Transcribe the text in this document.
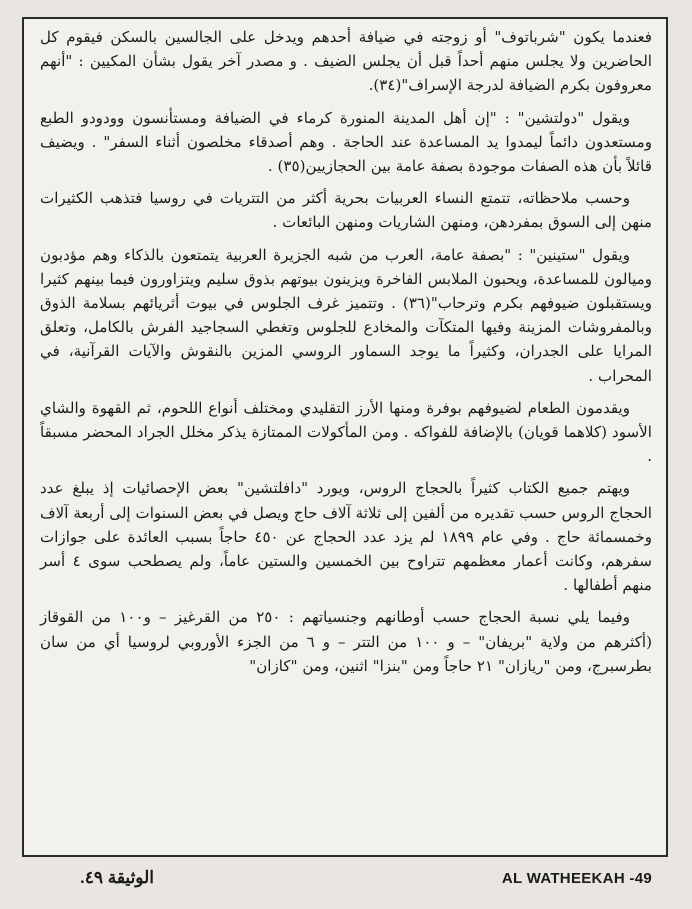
فعندما يكون "شرباتوف" أو زوجته في ضيافة أحدهم ويدخل على الجالسين بالسكن فيقوم كل الحاضرين ولا يجلس منهم أحداً قبل أن يجلس الضيف . و مصدر آخر يقول بشأن المكيين : "أنهم معروفون بكرم الضيافة لدرجة الإسراف"(٣٤).

ويقول "دولتشين" : "إن أهل المدينة المنورة كرماء في الضيافة ومستأنسون وودودو الطبع ومستعدون دائماً ليمدوا يد المساعدة عند الحاجة . وهم أصدقاء مخلصون أثناء السفر" . ويضيف قائلاً بأن هذه الصفات موجودة بصفة عامة بين الحجازيين(٣٥) .

وحسب ملاحظاته، تتمتع النساء العربيات بحرية أكثر من التتريات في روسيا فتذهب الكثيرات منهن إلى السوق بمفردهن، ومنهن الشاريات ومنهن البائعات .

ويقول "ستينين" : "بصفة عامة، العرب من شبه الجزيرة العربية يتمتعون بالذكاء وهم مؤدبون وميالون للمساعدة، ويحبون الملابس الفاخرة ويزينون بيوتهم بذوق سليم ويتزاورون فيما بينهم كثيرا ويستقبلون ضيوفهم بكرم وترحاب"(٣٦) . وتتميز غرف الجلوس في بيوت أثريائهم بسلامة الذوق وبالمفروشات المزينة وفيها المتكآت والمخادع للجلوس وتغطي السجاجيد الفرش بالكامل، وتعلق المرايا على الجدران، وكثيراً ما يوجد السماور الروسي المزين بالنقوش والآيات القرآنية، في المحراب .

ويقدمون الطعام لضيوفهم بوفرة ومنها الأرز التقليدي ومختلف أنواع اللحوم، ثم القهوة والشاي الأسود (كلاهما قويان) بالإضافة للفواكه . ومن المأكولات الممتازة يذكر مخلل الجراد المحضر مسبقاً .

ويهتم جميع الكتاب كثيراً بالحجاج الروس، ويورد "دافلتشين" بعض الإحصائيات إذ يبلغ عدد الحجاج الروس حسب تقديره من ألفين إلى ثلاثة آلاف حاج ويصل في بعض السنوات إلى أربعة آلاف وخمسمائة حاج . وفي عام ١٨٩٩ لم يزد عدد الحجاج عن ٤٥٠ حاجاً بسبب العائدة على جوازات سفرهم، وكانت أعمار معظمهم تتراوح بين الخمسين والستين عاماً، ولم يصطحب سوى ٤ أسر منهم أطفالها .

وفيما يلي نسبة الحجاج حسب أوطانهم وجنسياتهم : ٢٥٠ من القرغيز – و١٠٠ من القوقاز (أكثرهم من ولاية "بريفان" – و ١٠٠ من التتر – و ٦ من الجزء الأوروبي لروسيا أي من سان بطرسبرج، ومن "ريازان" ٢١ حاجاً ومن "بنزا" اثنين، ومن "كازان"

الوثيقة ٤٩.	AL WATHEEKAH -49
